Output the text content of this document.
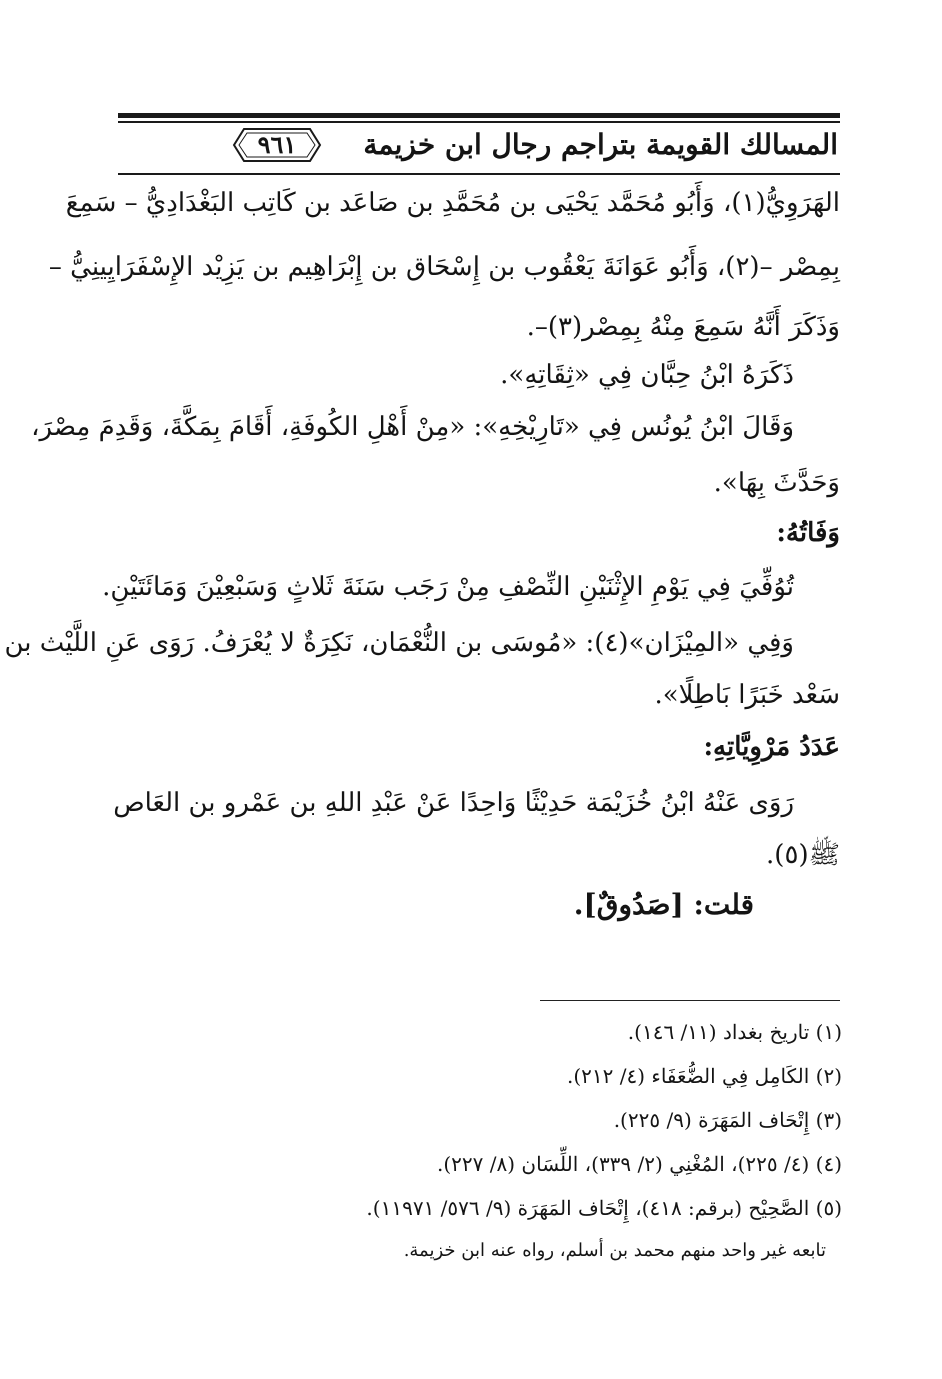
المسالك القويمة بتراجم رجال ابن خزيمة
٩٦١
الهَرَوِيُّ(١)، وَأَبُو مُحَمَّد يَحْيَى بن مُحَمَّدِ بن صَاعَد بن كَاتِب البَغْدَادِيُّ – سَمِعَ
بِمِصْر –(٢)، وَأَبُو عَوَانَةَ يَعْقُوب بن إِسْحَاق بن إِبْرَاهِيم بن يَزِيْد الإِسْفَرَايِينِيُّ –
وَذَكَرَ أَنَّهُ سَمِعَ مِنْهُ بِمِصْر(٣)–.
ذَكَرَهُ ابْنُ حِبَّان فِي «ثِقَاتِهِ».
وَقَالَ ابْنُ يُونُس فِي «تَارِيْخِهِ»: «مِنْ أَهْلِ الكُوفَةِ، أَقَامَ بِمَكَّةَ، وَقَدِمَ مِصْرَ،
وَحَدَّثَ بِهَا».
وَفَاتُهُ:
تُوُفِّيَ فِي يَوْمِ الإِثْنَيْنِ النِّصْفِ مِنْ رَجَب سَنَةَ ثَلاثٍ وَسَبْعِيْنَ وَمَائَتَيْنِ.
وَفِي «المِيْزَان»(٤): «مُوسَى بن النُّعْمَان، نَكِرَةٌ لا يُعْرَفُ. رَوَى عَنِ اللَّيْث بن
سَعْد خَبَرًا بَاطِلًا».
عَدَدُ مَرْوِيَّاتِهِ:
رَوَى عَنْهُ ابْنُ خُزَيْمَة حَدِيْثًا وَاحِدًا عَنْ عَبْدِ اللهِ بن عَمْرو بن العَاص
ﷺ(٥).
قلت: [صَدُوقٌ].
(١) تاريخ بغداد (١١/ ١٤٦).
(٢) الكَامِل فِي الضُّعَفَاء (٤/ ٢١٢).
(٣) إِتْحَاف المَهَرَة (٩/ ٢٢٥).
(٤) (٤/ ٢٢٥)، المُغْنِي (٢/ ٣٣٩)، اللِّسَان (٨/ ٢٢٧).
(٥) الصَّحِيْح (برقم: ٤١٨)، إِتْحَاف المَهَرَة (٩/ ٥٧٦/ ١١٩٧١).
تابعه غير واحد منهم محمد بن أسلم، رواه عنه ابن خزيمة.
